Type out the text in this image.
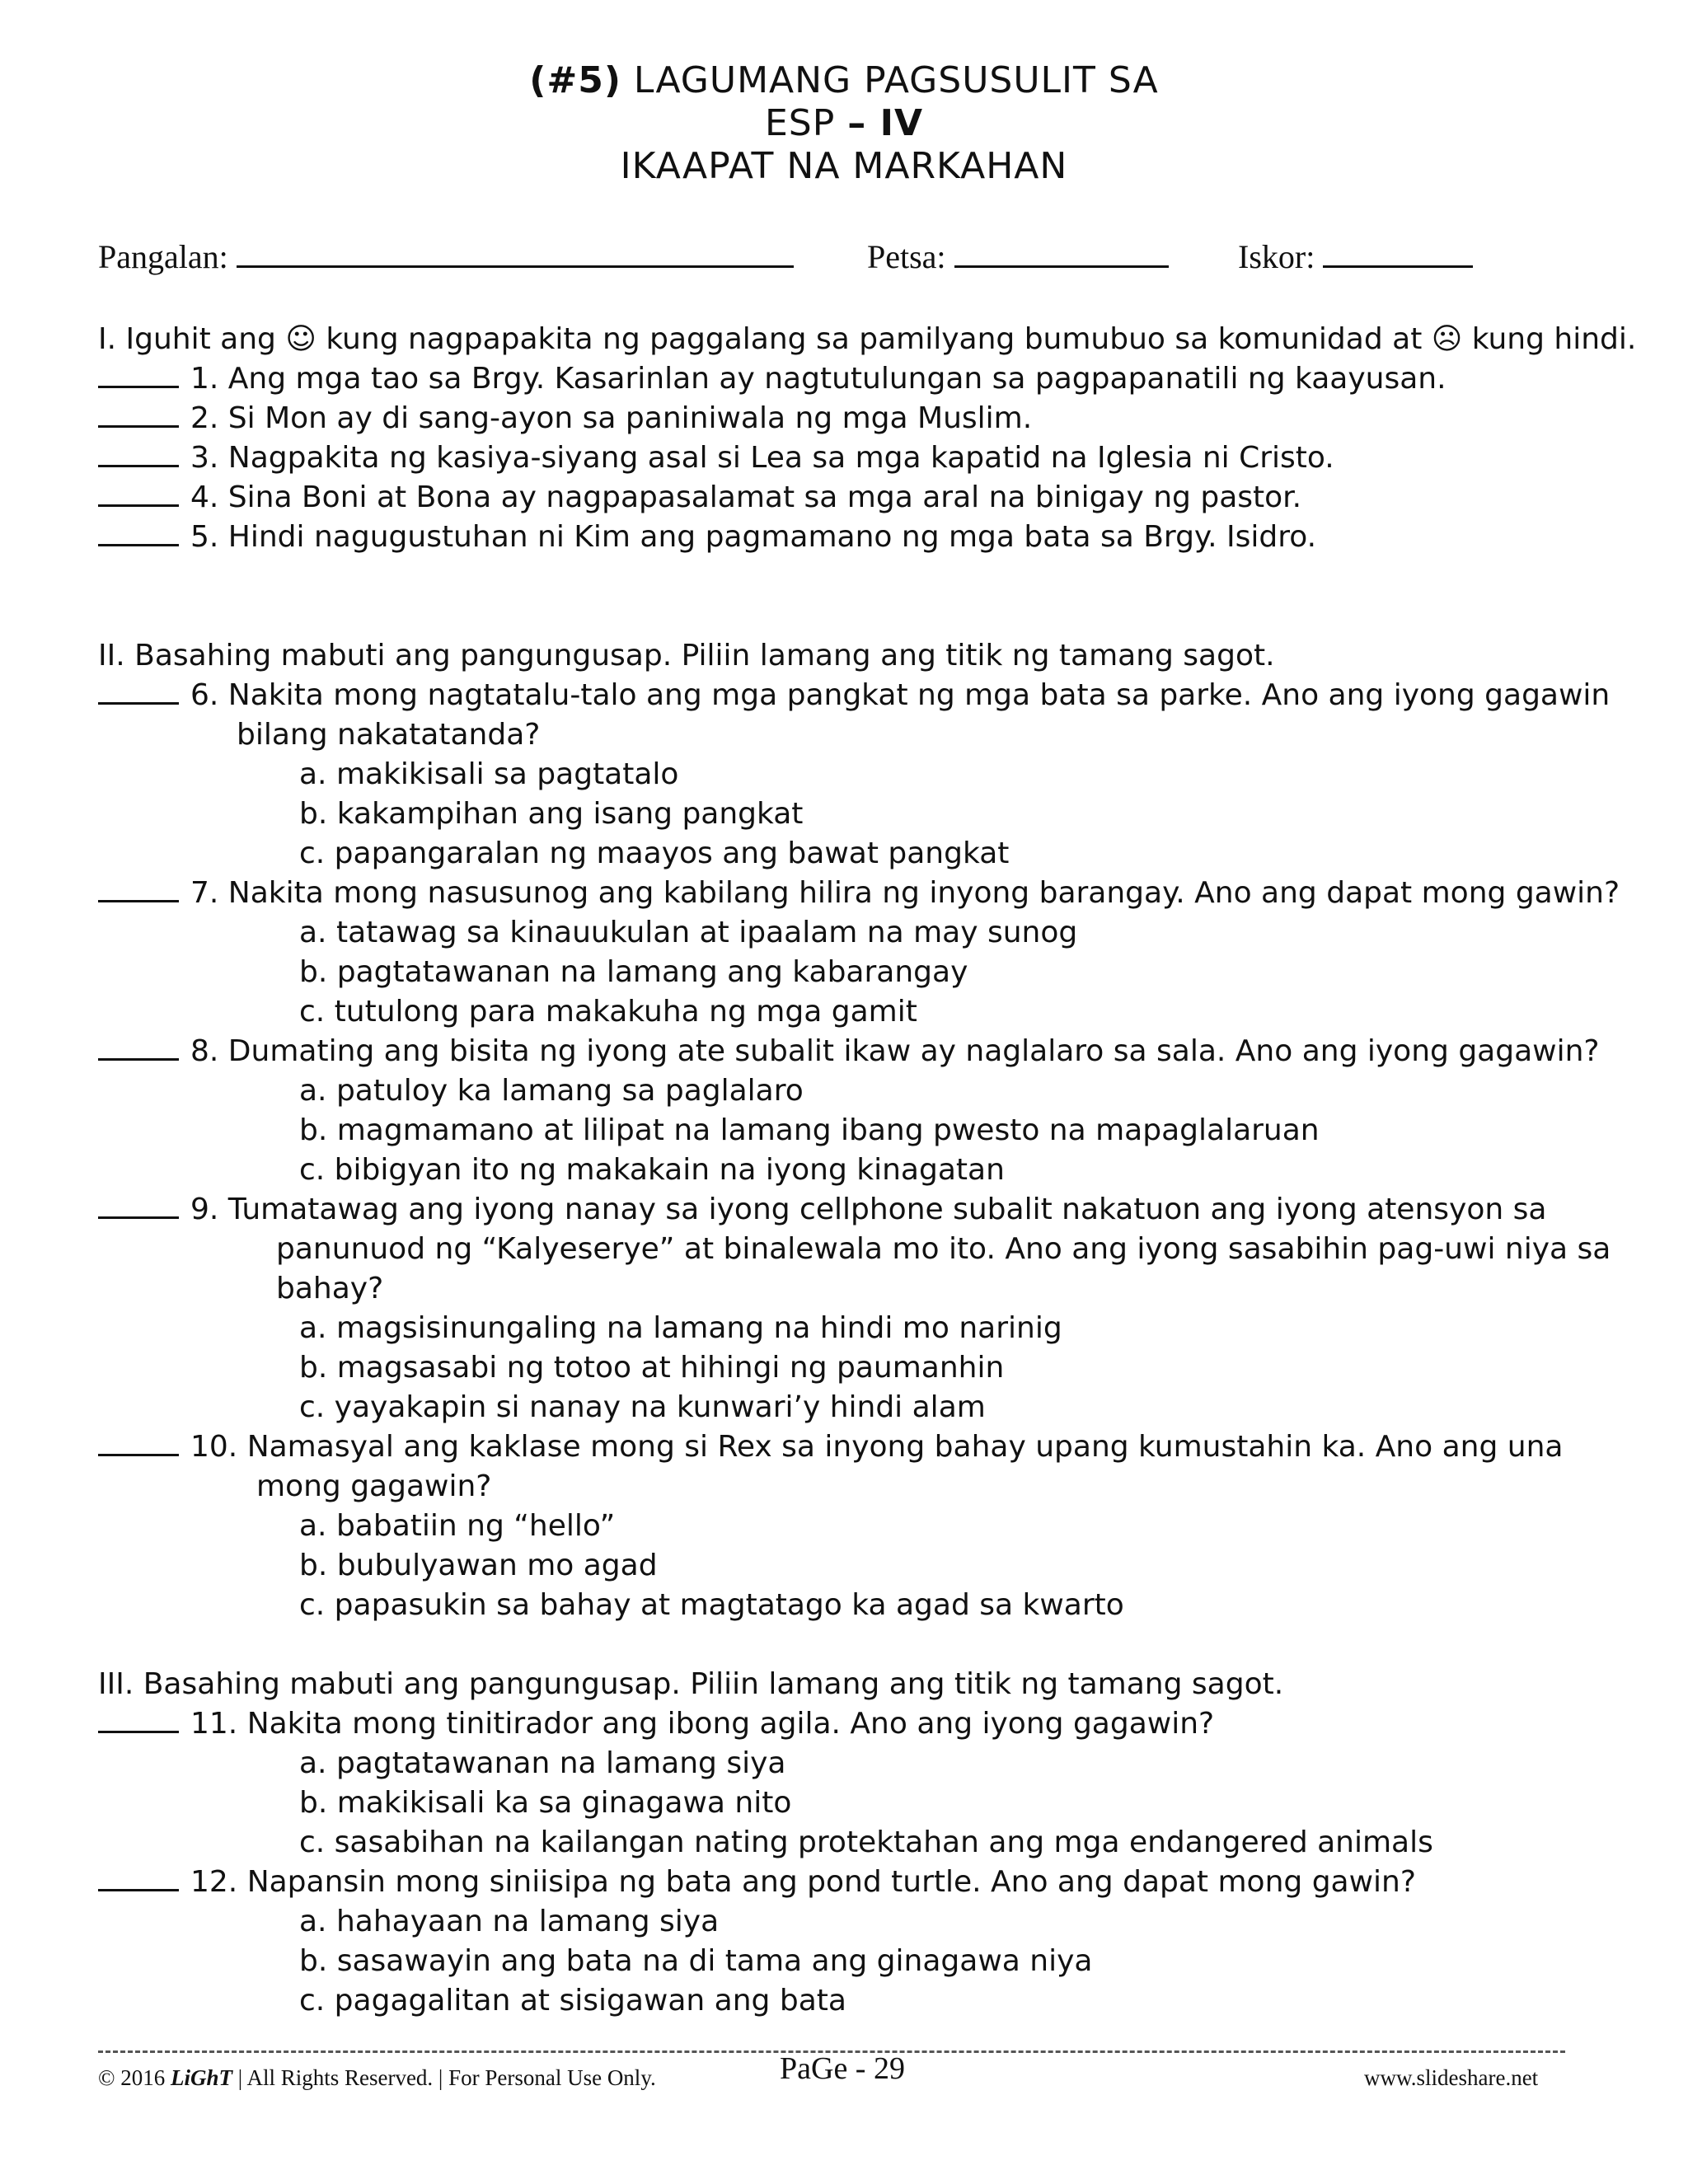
(#5) LAGUMANG PAGSUSULIT SA
ESP – IV
IKAAPAT NA MARKAHAN
Pangalan:	Petsa:	Iskor:
I. Iguhit ang ☺ kung nagpapakita ng paggalang sa pamilyang bumubuo sa komunidad at ☹ kung hindi.
1. Ang mga tao sa Brgy. Kasarinlan ay nagtutulungan sa pagpapanatili ng kaayusan.
2. Si Mon ay di sang-ayon sa paniniwala ng mga Muslim.
3. Nagpakita ng kasiya-siyang asal si Lea sa mga kapatid na Iglesia ni Cristo.
4. Sina Boni at Bona ay nagpapasalamat sa mga aral na binigay ng pastor.
5. Hindi nagugustuhan ni Kim ang pagmamano ng mga bata sa Brgy. Isidro.
II. Basahing mabuti ang pangungusap. Piliin lamang ang titik ng tamang sagot.
6. Nakita mong nagtatalu-talo ang mga pangkat ng mga bata sa parke. Ano ang iyong gagawin
bilang nakatatanda?
a. makikisali sa pagtatalo
b. kakampihan ang isang pangkat
c. papangaralan ng maayos ang bawat pangkat
7. Nakita mong nasusunog ang kabilang hilira ng inyong barangay. Ano ang dapat mong gawin?
a. tatawag sa kinauukulan at ipaalam na may sunog
b. pagtatawanan na lamang ang kabarangay
c. tutulong para makakuha ng mga gamit
8. Dumating ang bisita ng iyong ate subalit ikaw ay naglalaro sa sala. Ano ang iyong gagawin?
a. patuloy ka lamang sa paglalaro
b. magmamano at lilipat na lamang ibang pwesto na mapaglalaruan
c. bibigyan ito ng makakain na iyong kinagatan
9. Tumatawag ang iyong nanay sa iyong cellphone subalit nakatuon ang iyong atensyon sa
panunuod ng “Kalyeserye” at binalewala mo ito. Ano ang iyong sasabihin pag-uwi niya sa
bahay?
a. magsisinungaling na lamang na hindi mo narinig
b. magsasabi ng totoo at hihingi ng paumanhin
c. yayakapin si nanay na kunwari’y hindi alam
10. Namasyal ang kaklase mong si Rex sa inyong bahay upang kumustahin ka. Ano ang una
mong gagawin?
a. babatiin ng “hello”
b. bubulyawan mo agad
c. papasukin sa bahay at magtatago ka agad sa kwarto
III. Basahing mabuti ang pangungusap. Piliin lamang ang titik ng tamang sagot.
11. Nakita mong tinitirador ang ibong agila. Ano ang iyong gagawin?
a. pagtatawanan na lamang siya
b. makikisali ka sa ginagawa nito
c. sasabihan na kailangan nating protektahan ang mga endangered animals
12. Napansin mong siniisipa ng bata ang pond turtle. Ano ang dapat mong gawin?
a. hahayaan na lamang siya
b. sasawayin ang bata na di tama ang ginagawa niya
c. pagagalitan at sisigawan ang bata
© 2016 LiGhT | All Rights Reserved. | For Personal Use Only.	PaGe - 29	www.slideshare.net
